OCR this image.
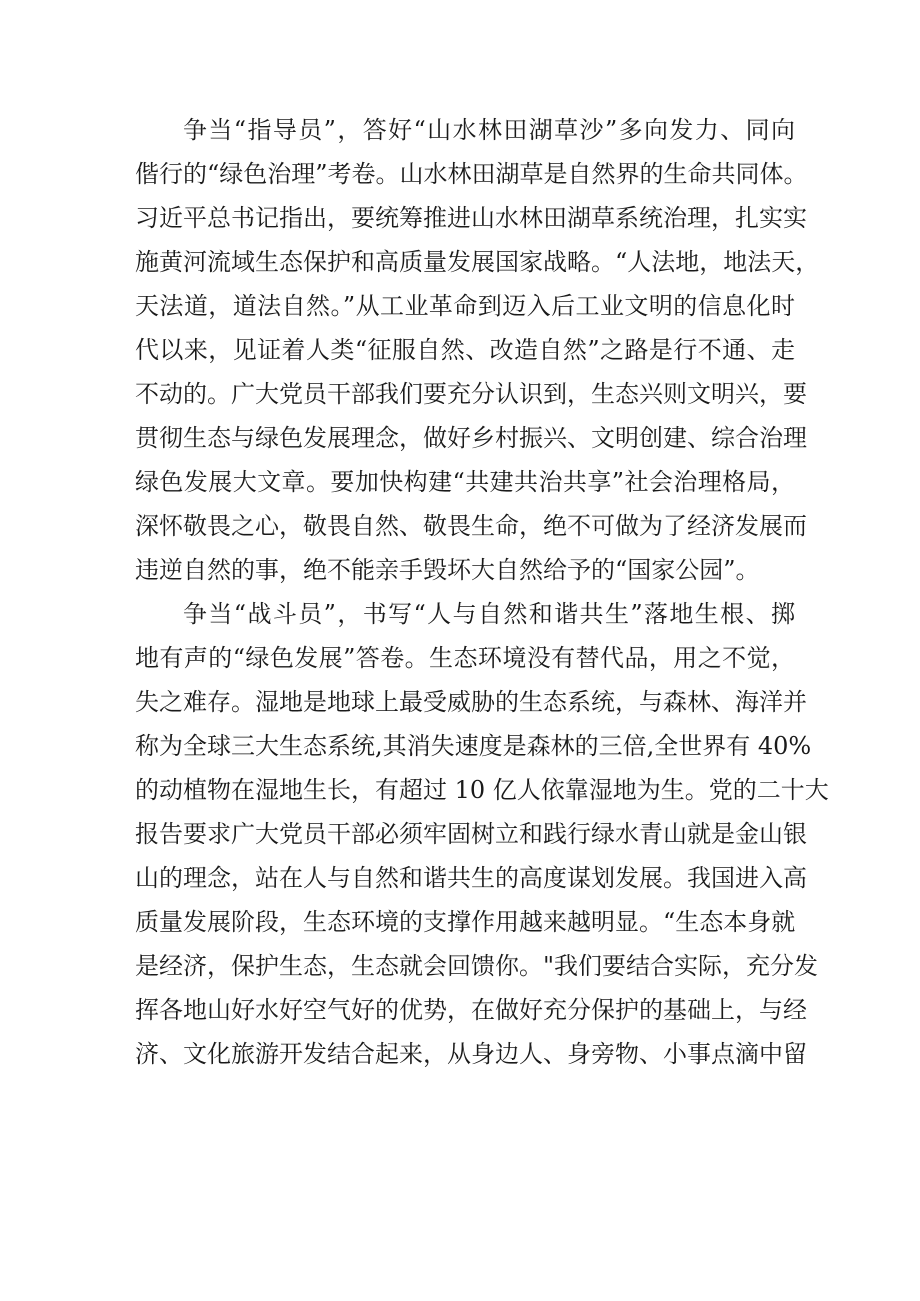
争当“指导员”，答好“山水林田湖草沙”多向发力、同向
偕行的“绿色治理”考卷。山水林田湖草是自然界的生命共同体。
习近平总书记指出，要统筹推进山水林田湖草系统治理，扎实实
施黄河流域生态保护和高质量发展国家战略。“人法地，地法天，
天法道，道法自然。”从工业革命到迈入后工业文明的信息化时
代以来，见证着人类“征服自然、改造自然”之路是行不通、走
不动的。广大党员干部我们要充分认识到，生态兴则文明兴，要
贯彻生态与绿色发展理念，做好乡村振兴、文明创建、综合治理
绿色发展大文章。要加快构建“共建共治共享”社会治理格局，
深怀敬畏之心，敬畏自然、敬畏生命，绝不可做为了经济发展而
违逆自然的事，绝不能亲手毁坏大自然给予的“国家公园”。
争当“战斗员”，书写“人与自然和谐共生”落地生根、掷
地有声的“绿色发展”答卷。生态环境没有替代品，用之不觉，
失之难存。湿地是地球上最受威胁的生态系统，与森林、海洋并
称为全球三大生态系统,其消失速度是森林的三倍,全世界有 40%
的动植物在湿地生长，有超过 10 亿人依靠湿地为生。党的二十大
报告要求广大党员干部必须牢固树立和践行绿水青山就是金山银
山的理念，站在人与自然和谐共生的高度谋划发展。我国进入高
质量发展阶段，生态环境的支撑作用越来越明显。“生态本身就
是经济，保护生态，生态就会回馈你。"我们要结合实际，充分发
挥各地山好水好空气好的优势，在做好充分保护的基础上，与经
济、文化旅游开发结合起来，从身边人、身旁物、小事点滴中留
